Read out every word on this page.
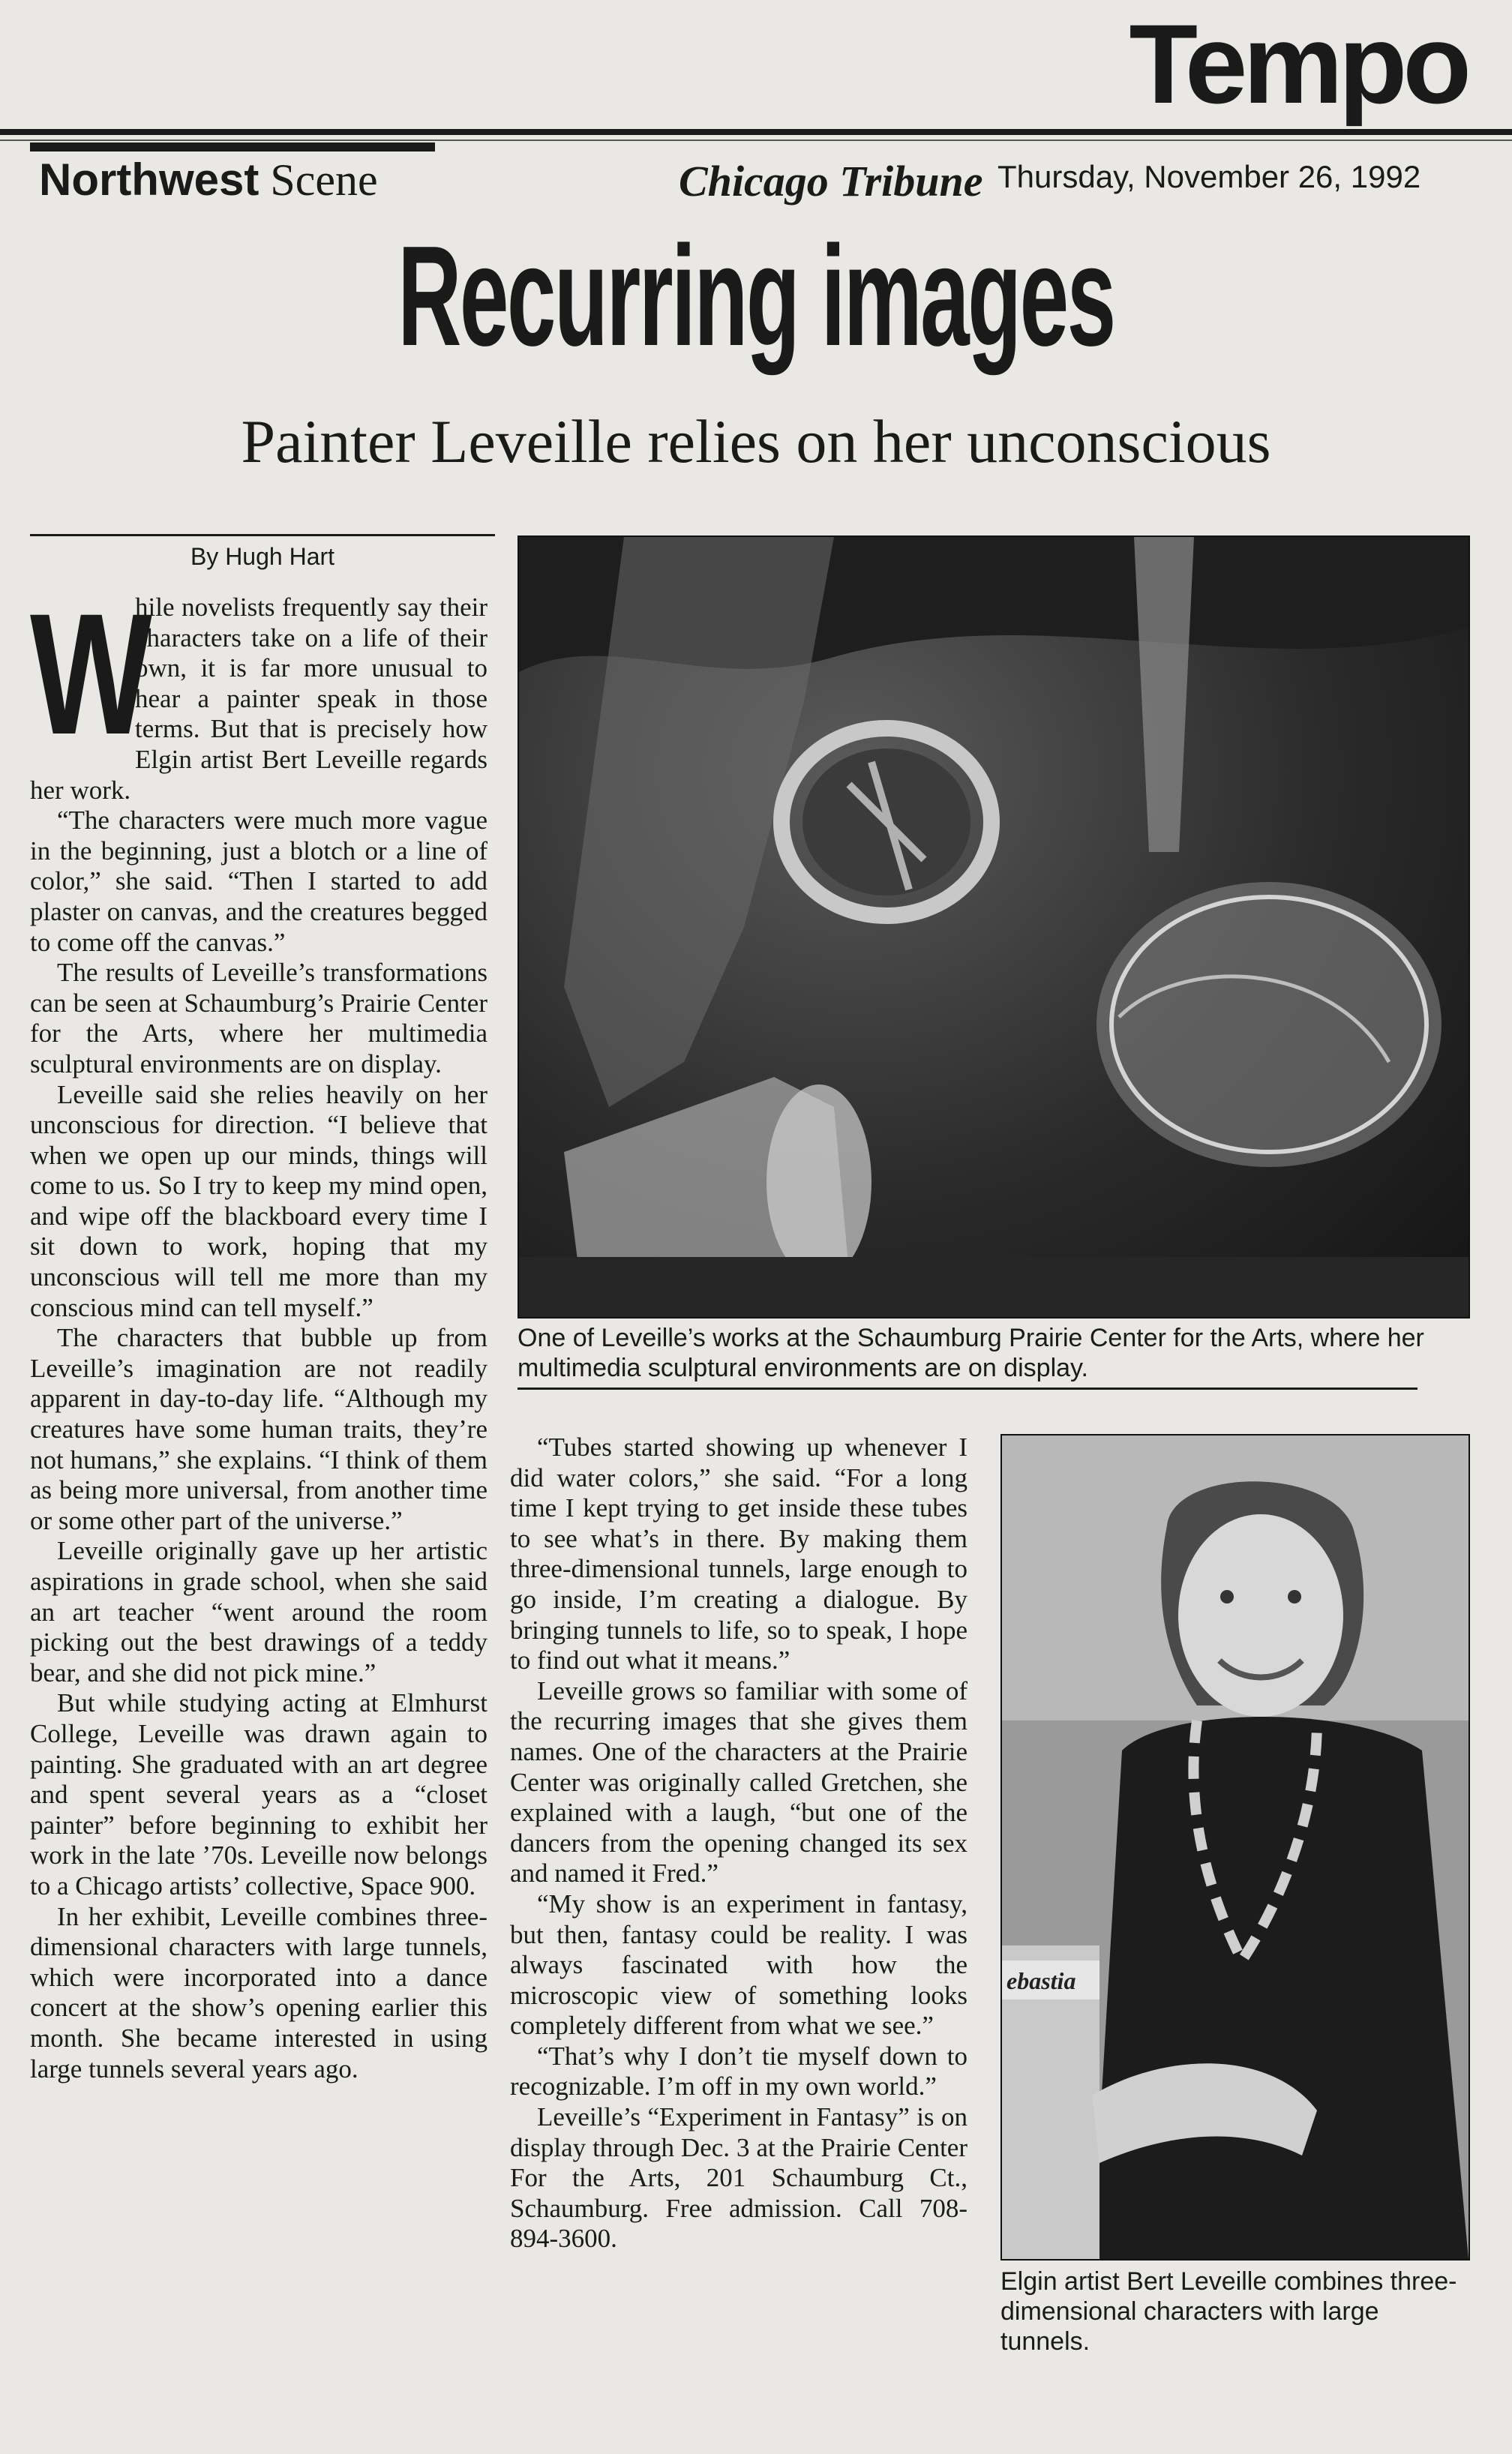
Tempo
Northwest Scene	Chicago Tribune Thursday, November 26, 1992
Recurring images
Painter Leveille relies on her unconscious
By Hugh Hart
W

hile novelists frequently say their characters take on a life of their own, it is far more unusual to hear a painter speak in those terms. But that is precisely how Elgin artist Bert Leveille regards her work.

“The characters were much more vague in the beginning, just a blotch or a line of color,” she said. “Then I started to add plaster on canvas, and the creatures begged to come off the canvas.”

The results of Leveille’s transformations can be seen at Schaumburg’s Prairie Center for the Arts, where her multimedia sculptural environments are on display.

Leveille said she relies heavily on her unconscious for direction. “I believe that when we open up our minds, things will come to us. So I try to keep my mind open, and wipe off the blackboard every time I sit down to work, hoping that my unconscious will tell me more than my conscious mind can tell myself.”

The characters that bubble up from Leveille’s imagination are not readily apparent in day-to-day life. “Although my creatures have some human traits, they’re not humans,” she explains. “I think of them as being more universal, from another time or some other part of the universe.”

Leveille originally gave up her artistic aspirations in grade school, when she said an art teacher “went around the room picking out the best drawings of a teddy bear, and she did not pick mine.”

But while studying acting at Elmhurst College, Leveille was drawn again to painting. She graduated with an art degree and spent several years as a “closet painter” before beginning to exhibit her work in the late ’70s. Leveille now belongs to a Chicago artists’ collective, Space 900.

In her exhibit, Leveille combines three-dimensional characters with large tunnels, which were incorporated into a dance concert at the show’s opening earlier this month. She became interested in using large tunnels several years ago.

One of Leveille’s works at the Schaumburg Prairie Center for the Arts, where her multimedia sculptural environments are on display.

“Tubes started showing up whenever I did water colors,” she said. “For a long time I kept trying to get inside these tubes to see what’s in there. By making them three-dimensional tunnels, large enough to go inside, I’m creating a dialogue. By bringing tunnels to life, so to speak, I hope to find out what it means.”

Leveille grows so familiar with some of the recurring images that she gives them names. One of the characters at the Prairie Center was originally called Gretchen, she explained with a laugh, “but one of the dancers from the opening changed its sex and named it Fred.”

“My show is an experiment in fantasy, but then, fantasy could be reality. I was always fascinated with how the microscopic view of something looks completely different from what we see.”

“That’s why I don’t tie myself down to recognizable. I’m off in my own world.”

Leveille’s “Experiment in Fantasy” is on display through Dec. 3 at the Prairie Center For the Arts, 201 Schaumburg Ct., Schaumburg. Free admission. Call 708-894-3600.

ebastia
Elgin artist Bert Leveille combines three-dimensional characters with large tunnels.
